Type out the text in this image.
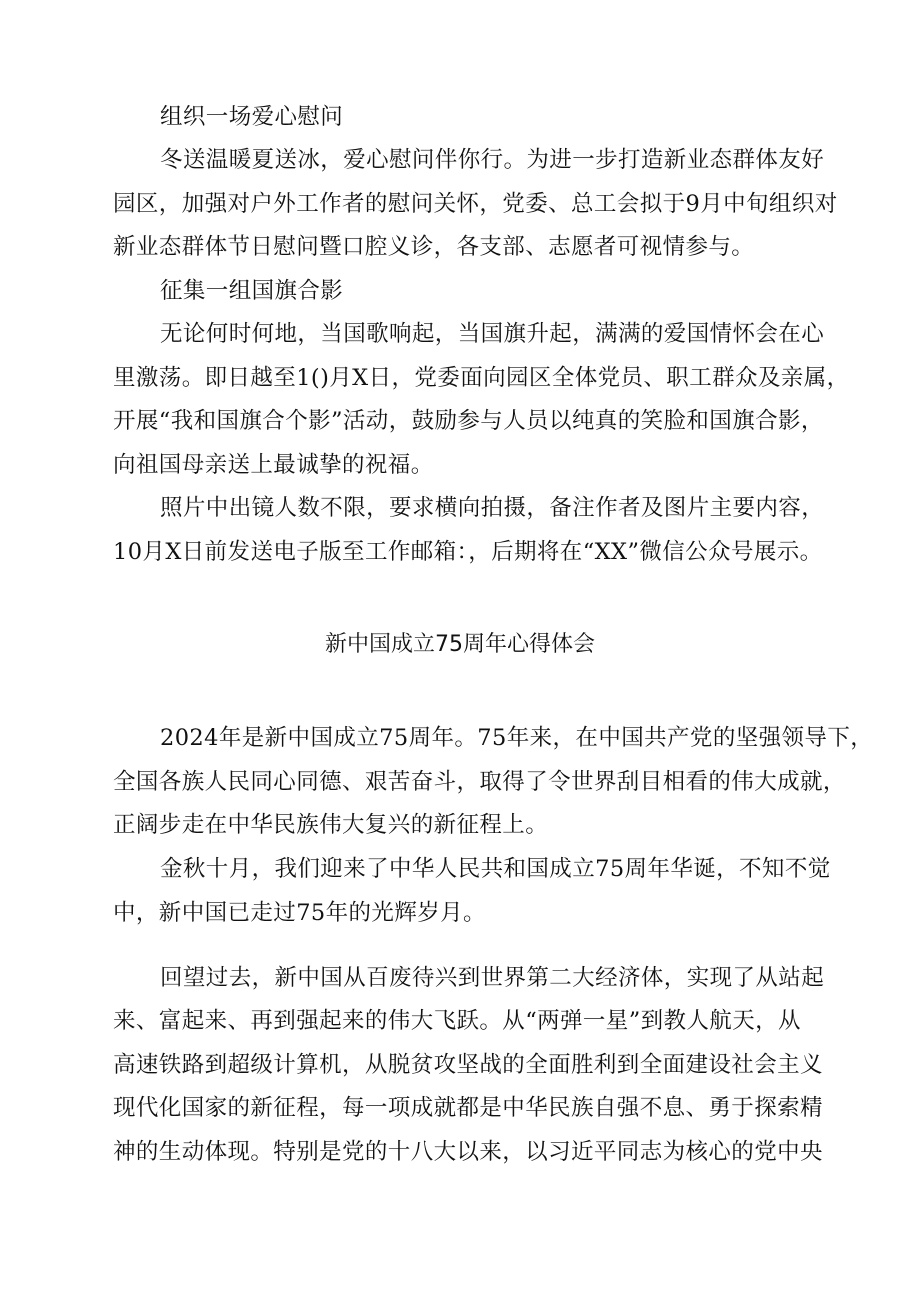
组织一场爱心慰问
冬送温暖夏送冰，爱心慰问伴你行。为进一步打造新业态群体友好
园区，加强对户外工作者的慰问关怀，党委、总工会拟于9月中旬组织对
新业态群体节日慰问暨口腔义诊，各支部、志愿者可视情参与。
征集一组国旗合影
无论何时何地，当国歌响起，当国旗升起，满满的爱国情怀会在心
里激荡。即日越至1()月X日，党委面向园区全体党员、职工群众及亲属，
开展“我和国旗合个影”活动，鼓励参与人员以纯真的笑脸和国旗合影，
向祖国母亲送上最诚挚的祝福。
照片中出镜人数不限，要求横向拍摄，备注作者及图片主要内容，
10月X日前发送电子版至工作邮箱：，后期将在“XX”微信公众号展示。
新中国成立75周年心得体会
2024年是新中国成立75周年。75年来，在中国共产党的坚强领导下，
全国各族人民同心同德、艰苦奋斗，取得了令世界刮目相看的伟大成就，
正阔步走在中华民族伟大复兴的新征程上。
金秋十月，我们迎来了中华人民共和国成立75周年华诞，不知不觉
中，新中国已走过75年的光辉岁月。
回望过去，新中国从百废待兴到世界第二大经济体，实现了从站起
来、富起来、再到强起来的伟大飞跃。从“两弹一星”到教人航天，从
高速铁路到超级计算机，从脱贫攻坚战的全面胜利到全面建设社会主义
现代化国家的新征程，每一项成就都是中华民族自强不息、勇于探索精
神的生动体现。特别是党的十八大以来，以习近平同志为核心的党中央
